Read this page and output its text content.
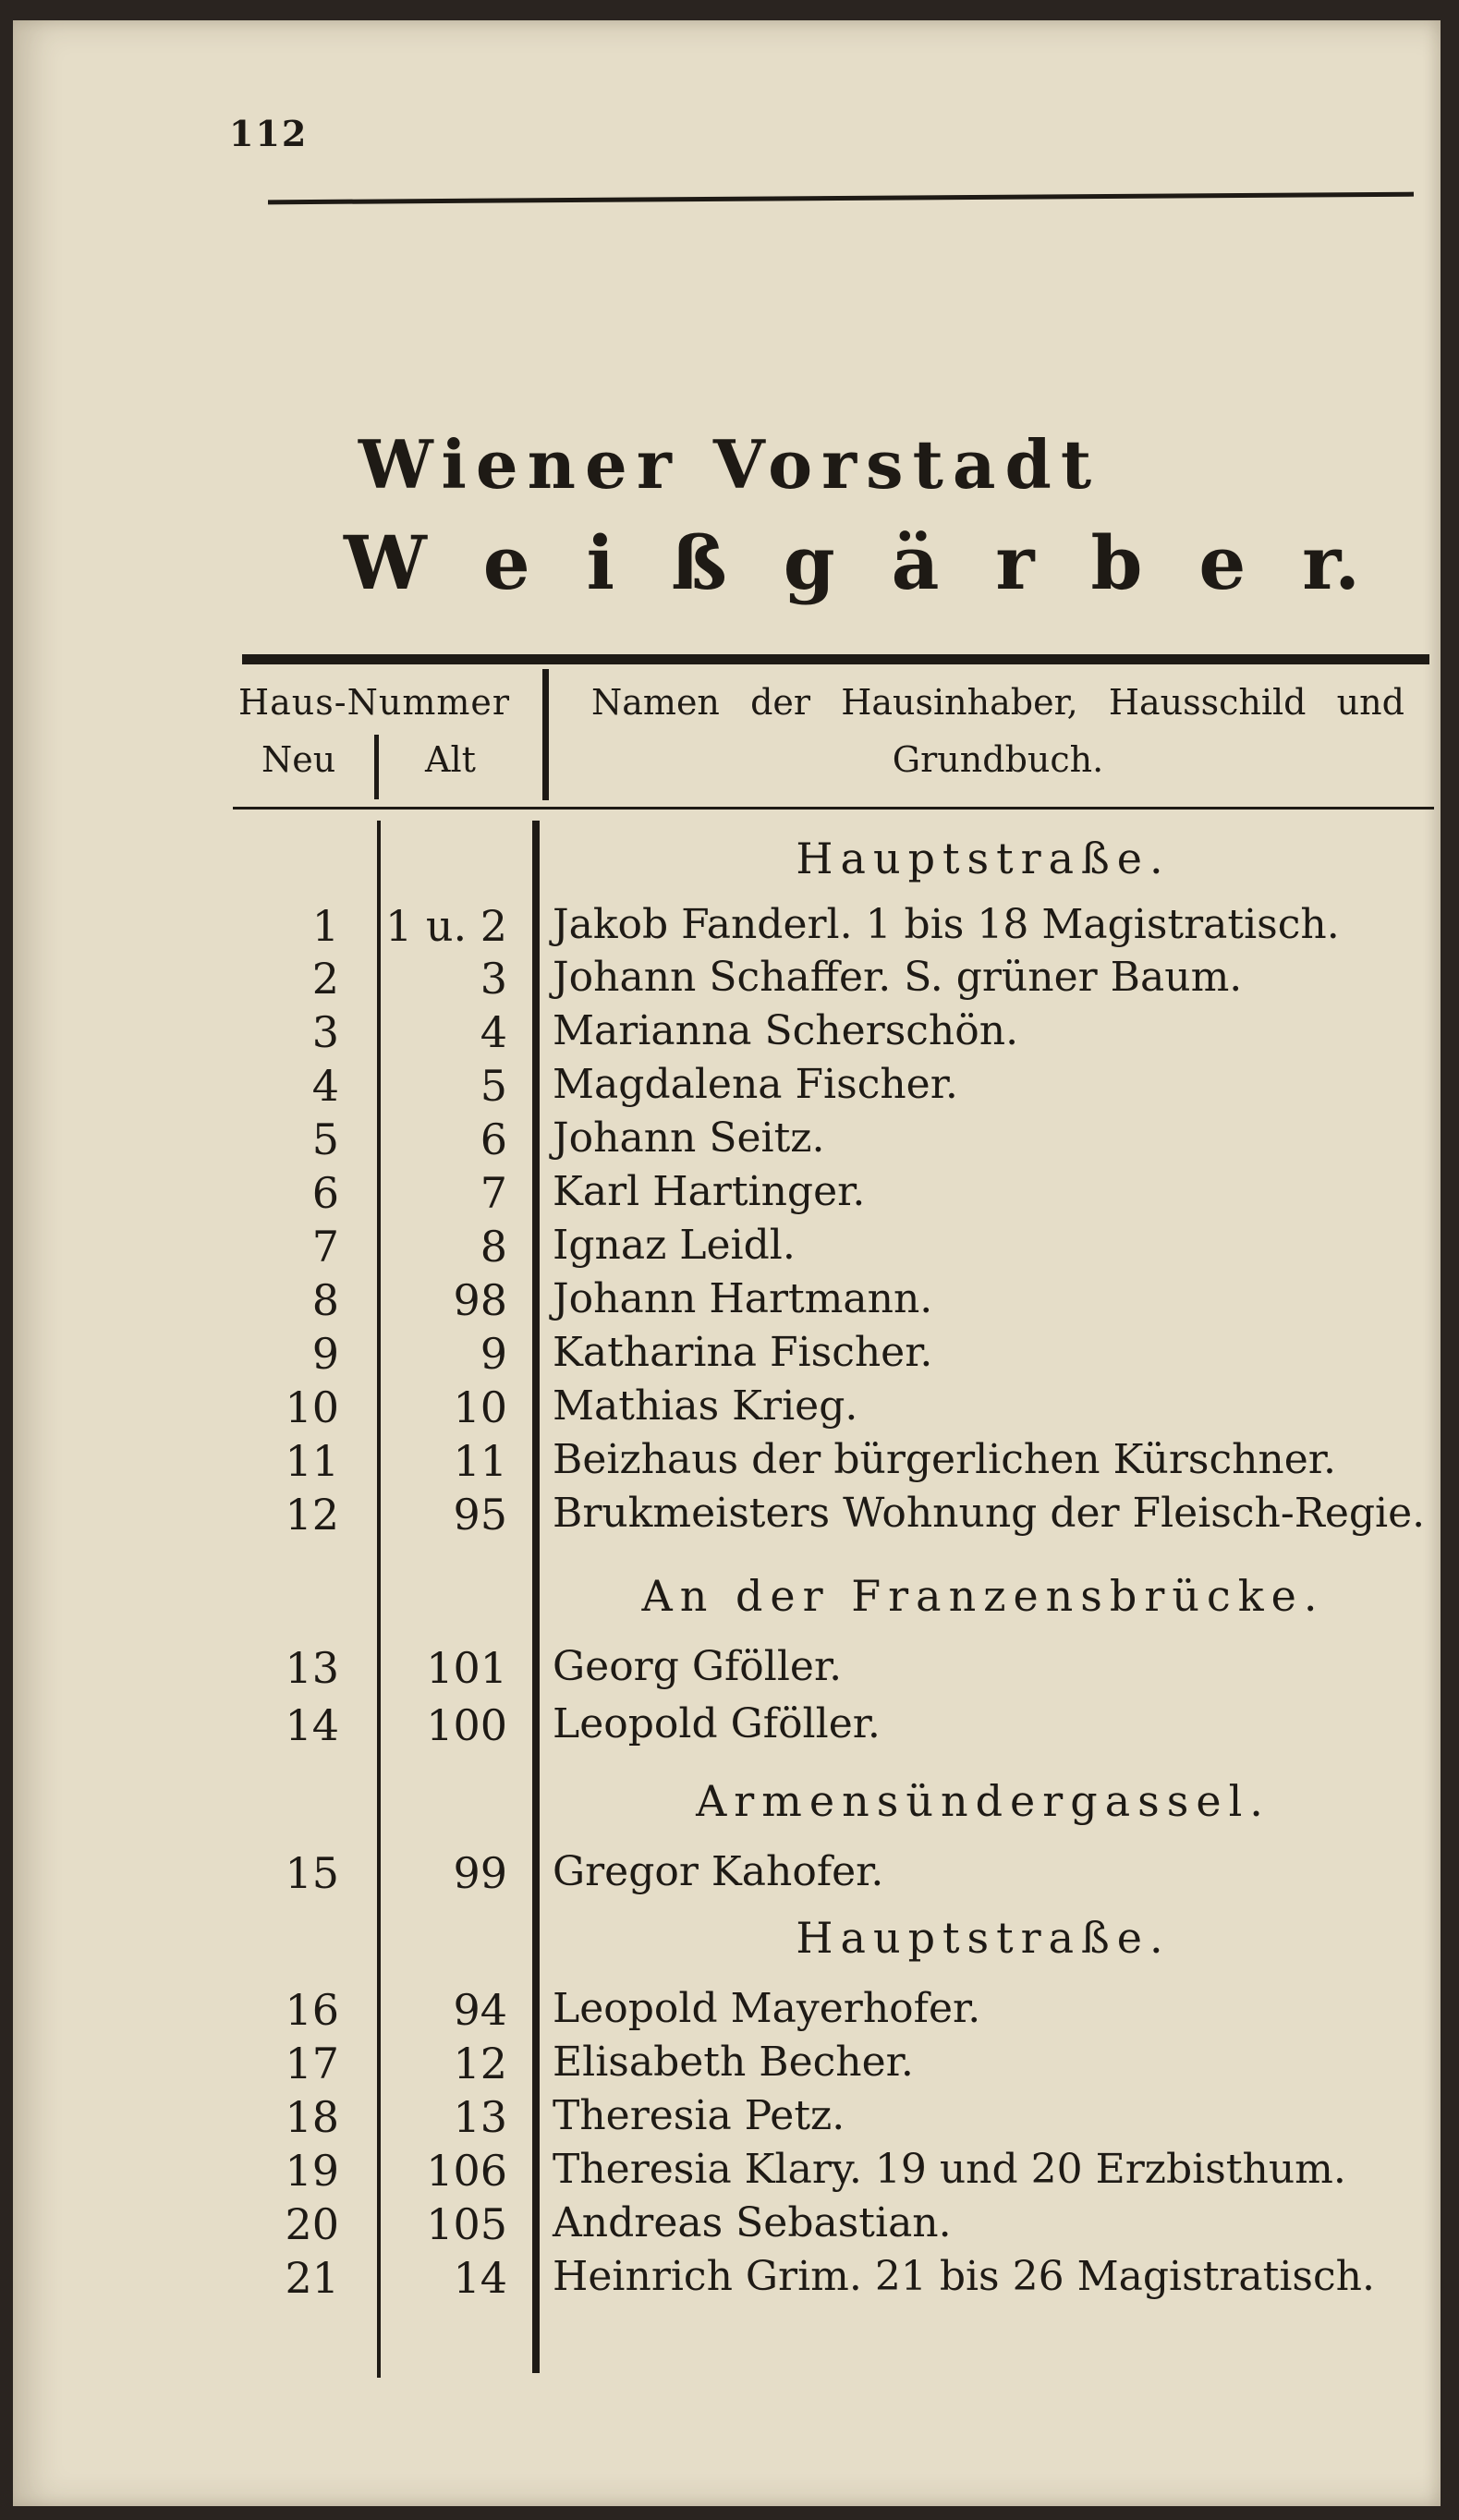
112
Wiener Vorstadt
W e i ß g ä r b e r.
Haus-Nummer
Neu	Alt
Namen der Hausinhaber, Hausschild und
Grundbuch.
Hauptstraße.
1 1 u. 2 Jakob Fanderl. 1 bis 18 Magistratisch.
2	3 Johann Schaffer. S. grüner Baum.
3	4 Marianna Scherschön.
4	5 Magdalena Fischer.
5	6 Johann Seitz.
6	7 Karl Hartinger.
7	8 Ignaz Leidl.
8	98 Johann Hartmann.
9	9 Katharina Fischer.
10	10 Mathias Krieg.
11	11 Beizhaus der bürgerlichen Kürschner.
12	95 Brukmeisters Wohnung der Fleisch-Regie.
An der Franzensbrücke.
13 101 Georg Gföller.
14 100 Leopold Gföller.
Armensündergassel.
15	99 Gregor Kahofer.
Hauptstraße.
16	94 Leopold Mayerhofer.
17	12 Elisabeth Becher.
18	13 Theresia Petz.
19 106 Theresia Klary. 19 und 20 Erzbisthum.
20 105 Andreas Sebastian.
21	14 Heinrich Grim. 21 bis 26 Magistratisch.
